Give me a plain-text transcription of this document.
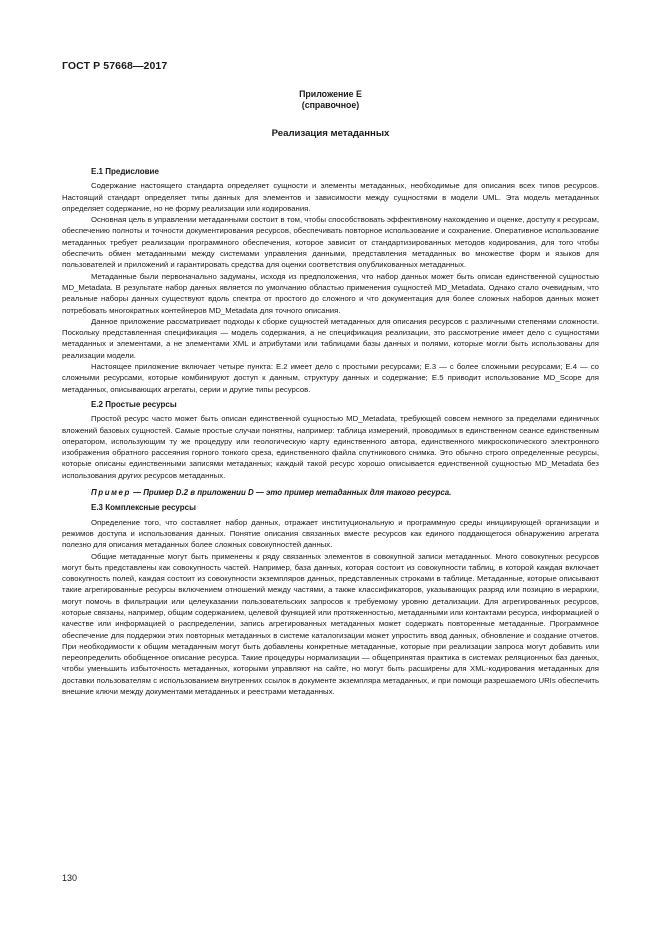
ГОСТ Р 57668—2017
Приложение Е
(справочное)
Реализация метаданных
Е.1 Предисловие

Содержание настоящего стандарта определяет сущности и элементы метаданных, необходимые для описания всех типов ресурсов. Настоящий стандарт определяет типы данных для элементов и зависимости между сущностями в модели UML. Эта модель метаданных определяет содержание, но не форму реализации или кодирования.

Основная цель в управлении метаданными состоит в том, чтобы способствовать эффективному нахождению и оценке, доступу к ресурсам, обеспечению полноты и точности документирования ресурсов, обеспечивать повторное использование и сохранение. Оперативное использование метаданных требует реализации программного обеспечения, которое зависит от стандартизированных методов кодирования, для того чтобы обеспечить обмен метаданными между системами управления данными, представления метаданных во множестве форм и языков для пользователей и приложений и гарантировать средства для оценки соответствия опубликованных метаданных.

Метаданные были первоначально задуманы, исходя из предположения, что набор данных может быть описан единственной сущностью MD_Metadata. В результате набор данных является по умолчанию областью применения сущностей MD_Metadata. Однако стало очевидным, что реальные наборы данных существуют вдоль спектра от простого до сложного и что документация для более сложных наборов данных может потребовать многократных контейнеров MD_Metadata для точного описания.

Данное приложение рассматривает подходы к сборке сущностей метаданных для описания ресурсов с различными степенями сложности. Поскольку представленная спецификация — модель содержания, а не спецификация реализации, это рассмотрение имеет дело с сущностями метаданных и элементами, а не элементами XML и атрибутами или таблицами базы данных и полями, которые могли быть использованы для реализации модели.

Настоящее приложение включает четыре пункта: Е.2 имеет дело с простыми ресурсами; Е.3 — с более сложными ресурсами; Е.4 — со сложными ресурсами, которые комбинируют доступ к данным, структуру данных и содержание; Е.5 приводит использование MD_Scope для метаданных, описывающих агрегаты, серии и другие типы ресурсов.

Е.2 Простые ресурсы

Простой ресурс часто может быть описан единственной сущностью MD_Metadata, требующей совсем немного за пределами единичных вложений базовых сущностей. Самые простые случаи понятны, например: таблица измерений, проводимых в единственном сеансе единственным оператором, использующим ту же процедуру или геологическую карту единственного автора, единственного микроскопического электронного изображения обратного рассеяния горного тонкого среза, единственного файла спутникового снимка. Это обычно строго определенные ресурсы, которые описаны единственными записями метаданных; каждый такой ресурс хорошо описывается единственной сущностью MD_Metadata без использования других ресурсов метаданных.

Пример — Пример D.2 в приложении D — это пример метаданных для такого ресурса.
Е.3 Комплексные ресурсы

Определение того, что составляет набор данных, отражает институциональную и программную среды инициирующей организации и режимов доступа и использования данных. Понятие описания связанных вместе ресурсов как единого поддающегося обнаружению агрегата полезно для описания метаданных более сложных совокупностей данных.

Общие метаданные могут быть применены к ряду связанных элементов в совокупной записи метаданных. Много совокупных ресурсов могут быть представлены как совокупность частей. Например, база данных, которая состоит из совокупности таблиц, в которой каждая включает совокупность полей, каждая состоит из совокупности экземпляров данных, представленных строками в таблице. Метаданные, которые описывают такие агрегированные ресурсы включением отношений между частями, а также классификаторов, указывающих разряд или позицию в иерархии, могут помочь в фильтрации или целеуказании пользовательских запросов к требуемому уровню детализации. Для агрегированных ресурсов, которые связаны, например, общим содержанием, целевой функцией или протяженностью, метаданными или контактами ресурса, информацией о качестве или информацией о распределении, запись агрегированных метаданных может содержать повторенные метаданные. Программное обеспечение для поддержки этих повторных метаданных в системе каталогизации может упростить ввод данных, обновление и создание отчетов. При необходимости к общим метаданным могут быть добавлены конкретные метаданные, которые при реализации запроса могут добавить или переопределить обобщенное описание ресурса. Такие процедуры нормализации — общепринятая практика в системах реляционных баз данных, чтобы уменьшить избыточность метаданных, которыми управляют на сайте, но могут быть расширены для XML-кодирования метаданных для доставки пользователям с использованием внутренних ссылок в документе экземпляра метаданных, и при помощи разрешаемого URIs обеспечить внешние ключи между документами метаданных и реестрами метаданных.

130
